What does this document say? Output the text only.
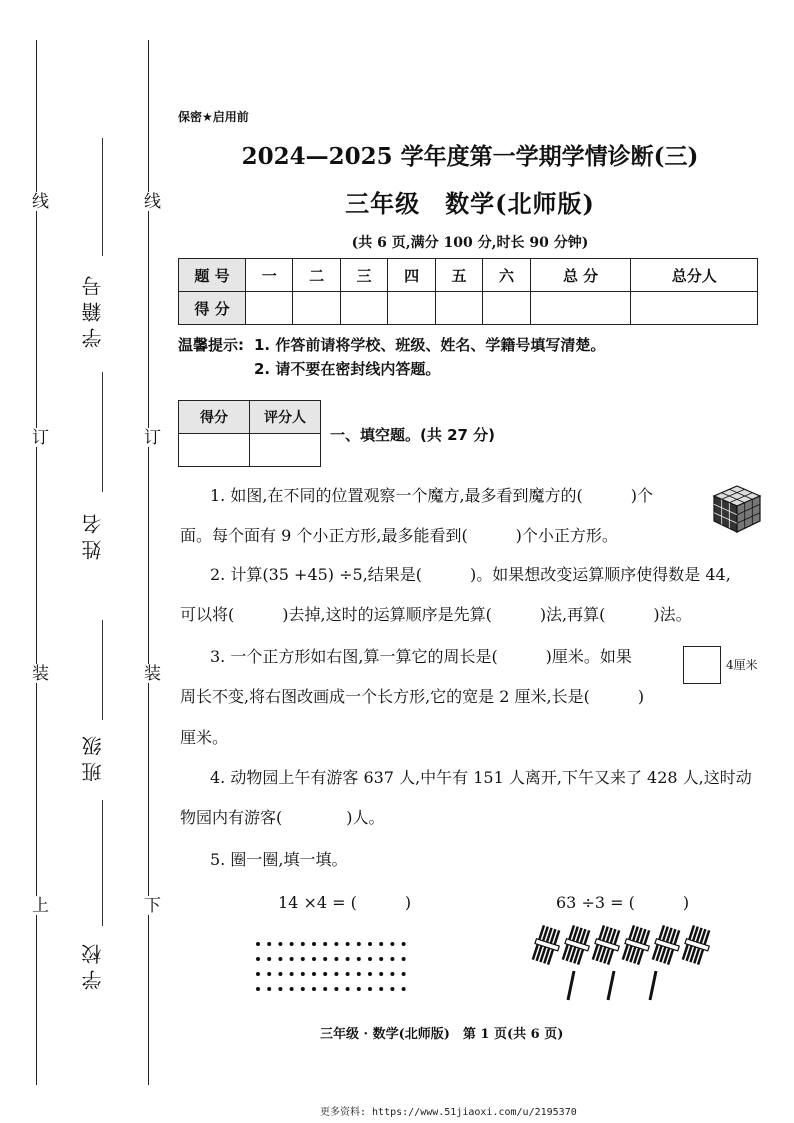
线
订
装
上
线
订
装
下
学籍号
姓名
班级
学校
保密★启用前
2024—2025 学年度第一学期学情诊断(三)
三年级　数学(北师版)
(共 6 页,满分 100 分,时长 90 分钟)
题 号	一	二	三	四	五	六	总 分	总分人
得 分								
温馨提示: 1. 作答前请将学校、班级、姓名、学籍号填写清楚。
2. 请不要在密封线内答题。
得分	评分人

一、填空题。(共 27 分)
1. 如图,在不同的位置观察一个魔方,最多看到魔方的(　　　)个
面。每个面有 9 个小正方形,最多能看到(　　　)个小正方形。
2. 计算(35 +45) ÷5,结果是(　　　)。如果想改变运算顺序使得数是 44,
可以将(　　　)去掉,这时的运算顺序是先算(　　　)法,再算(　　　)法。
3. 一个正方形如右图,算一算它的周长是(　　　)厘米。如果	4厘米
周长不变,将右图改画成一个长方形,它的宽是 2 厘米,长是(　　　)
厘米。
4. 动物园上午有游客 637 人,中午有 151 人离开,下午又来了 428 人,这时动
物园内有游客(　　　　)人。
5. 圈一圈,填一填。
14 ×4 = (　　　)	63 ÷3 = (　　　)
三年级 · 数学(北师版)　第 1 页(共 6 页)
更多资料: https://www.51jiaoxi.com/u/2195370
